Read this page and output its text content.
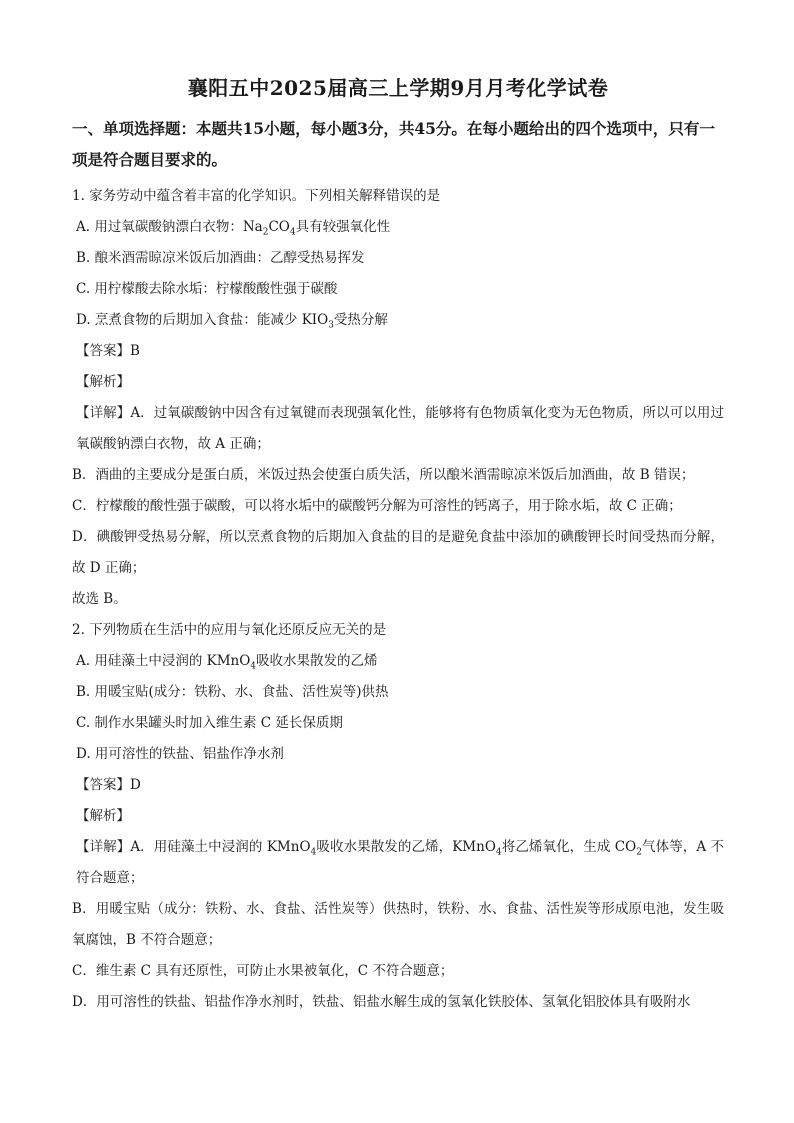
襄阳五中2025届高三上学期9月月考化学试卷
一、单项选择题：本题共15小题，每小题3分，共45分。在每小题给出的四个选项中，只有一项是符合题目要求的。
1. 家务劳动中蕴含着丰富的化学知识。下列相关解释错误的是
A. 用过氧碳酸钠漂白衣物：$Na_2CO_4$具有较强氧化性
B. 酿米酒需晾凉米饭后加酒曲：乙醇受热易挥发
C. 用柠檬酸去除水垢：柠檬酸酸性强于碳酸
D. 烹煮食物的后期加入食盐：能减少 $KIO_3$受热分解
【答案】B
【解析】
【详解】A．过氧碳酸钠中因含有过氧键而表现强氧化性，能够将有色物质氧化变为无色物质，所以可以用过氧碳酸钠漂白衣物，故 A 正确；
B．酒曲的主要成分是蛋白质，米饭过热会使蛋白质失活，所以酿米酒需晾凉米饭后加酒曲，故 B 错误；
C．柠檬酸的酸性强于碳酸，可以将水垢中的碳酸钙分解为可溶性的钙离子，用于除水垢，故 C 正确；
D．碘酸钾受热易分解，所以烹煮食物的后期加入食盐的目的是避免食盐中添加的碘酸钾长时间受热而分解，故 D 正确；
故选 B。
2. 下列物质在生活中的应用与氧化还原反应无关的是
A. 用硅藻土中浸润的 KMnO$_4$吸收水果散发的乙烯
B. 用暖宝贴(成分：铁粉、水、食盐、活性炭等)供热
C. 制作水果罐头时加入维生素 C 延长保质期
D. 用可溶性的铁盐、铝盐作净水剂
【答案】D
【解析】
【详解】A．用硅藻土中浸润的 KMnO$_4$吸收水果散发的乙烯，KMnO$_4$将乙烯氧化，生成 $CO_2$气体等，A 不符合题意；
B．用暖宝贴（成分：铁粉、水、食盐、活性炭等）供热时，铁粉、水、食盐、活性炭等形成原电池，发生吸氧腐蚀，B 不符合题意；
C．维生素 C 具有还原性，可防止水果被氧化，C 不符合题意；
D．用可溶性的铁盐、铝盐作净水剂时，铁盐、铝盐水解生成的氢氧化铁胶体、氢氧化铝胶体具有吸附水
